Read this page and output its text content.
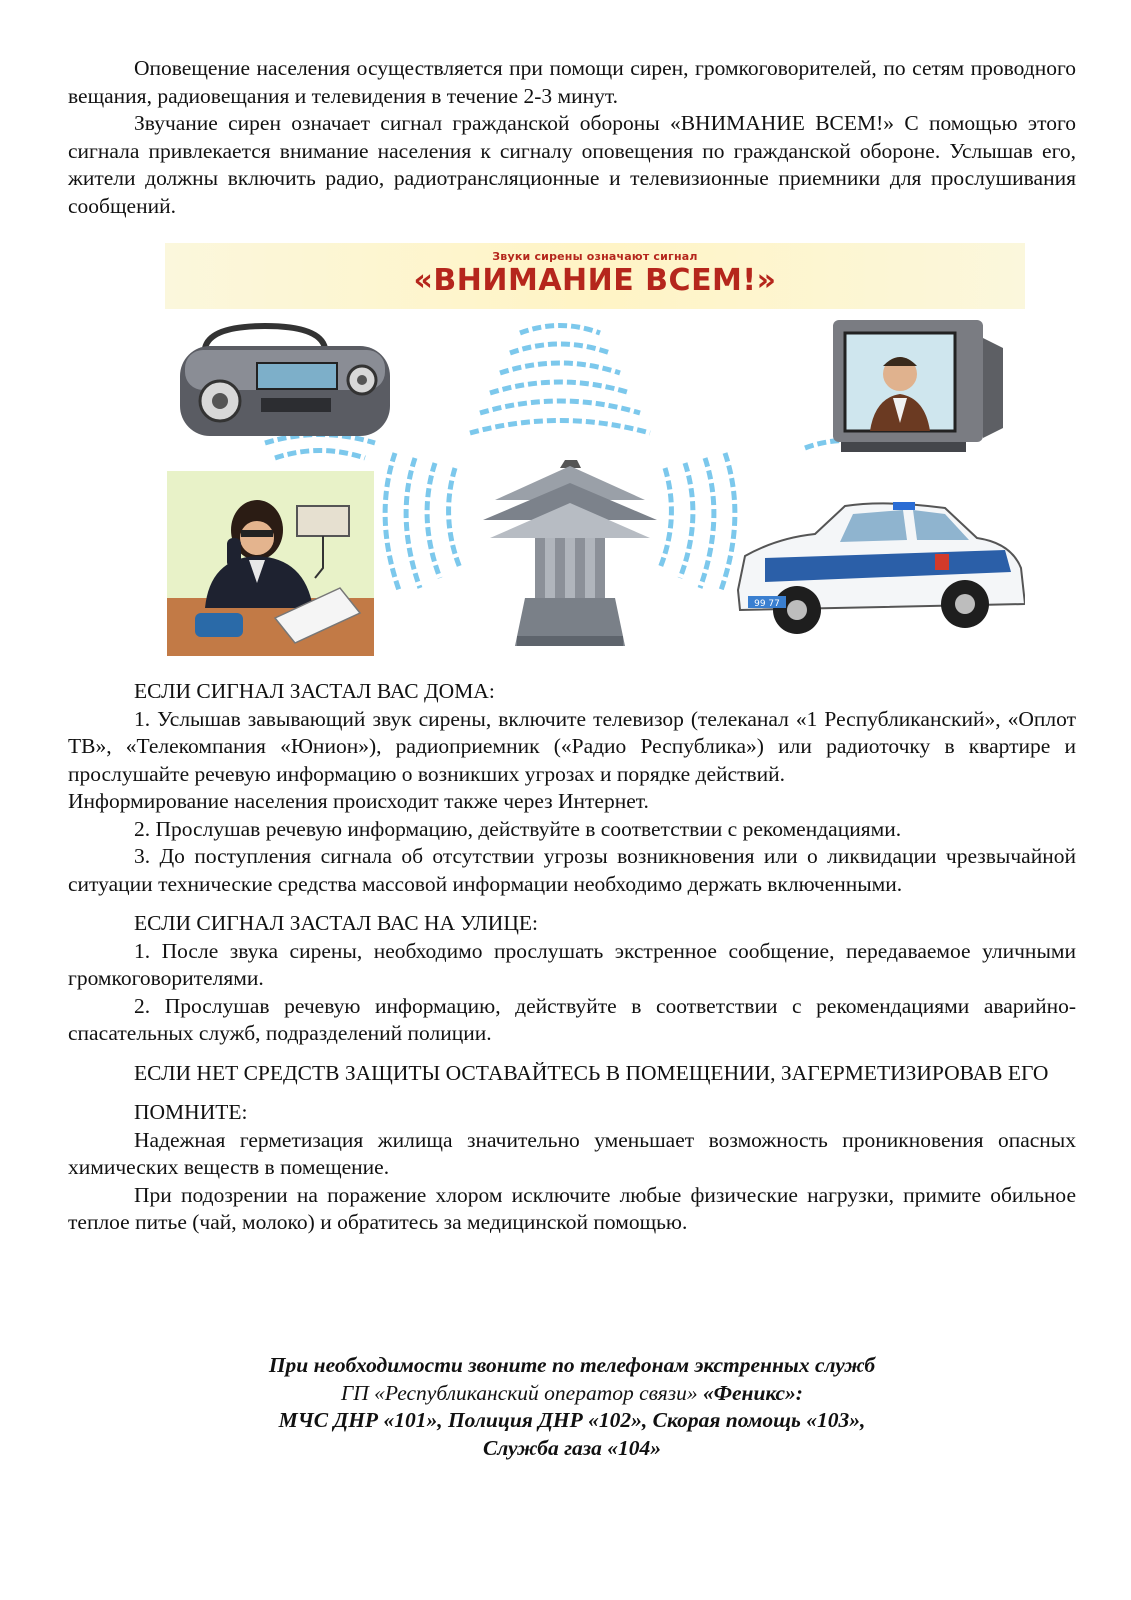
Оповещение населения осуществляется при помощи сирен, громкоговорителей, по сетям проводного вещания, радиовещания и телевидения в течение 2-3 минут.

Звучание сирен означает сигнал гражданской обороны «ВНИМАНИЕ ВСЕМ!» С помощью этого сигнала привлекается внимание населения к сигналу оповещения по гражданской обороне. Услышав его, жители должны включить радио, радиотрансляционные и телевизионные приемники для прослушивания сообщений.

Звуки сирены означают сигнал
«ВНИМАНИЕ ВСЕМ!»
99 77

ЕСЛИ СИГНАЛ ЗАСТАЛ ВАС ДОМА:

1. Услышав завывающий звук сирены, включите телевизор (телеканал «1 Республиканский», «Оплот ТВ», «Телекомпания «Юнион»), радиоприемник («Радио Республика») или радиоточку в квартире и прослушайте речевую информацию о возникших угрозах и порядке действий.

Информирование населения происходит также через Интернет.

2. Прослушав речевую информацию, действуйте в соответствии с рекомендациями.

3. До поступления сигнала об отсутствии угрозы возникновения или о ликвидации чрезвычайной ситуации технические средства массовой информации необходимо держать включенными.

ЕСЛИ СИГНАЛ ЗАСТАЛ ВАС НА УЛИЦЕ:

1. После звука сирены, необходимо прослушать экстренное сообщение, передаваемое уличными громкоговорителями.

2. Прослушав речевую информацию, действуйте в соответствии с рекомендациями аварийно-спасательных служб, подразделений полиции.

ЕСЛИ НЕТ СРЕДСТВ ЗАЩИТЫ ОСТАВАЙТЕСЬ В ПОМЕЩЕНИИ, ЗАГЕРМЕТИЗИРОВАВ ЕГО

ПОМНИТЕ:

Надежная герметизация жилища значительно уменьшает возможность проникновения опасных химических веществ в помещение.

При подозрении на поражение хлором исключите любые физические нагрузки, примите обильное теплое питье (чай, молоко) и обратитесь за медицинской помощью.

При необходимости звоните по телефонам экстренных служб
ГП «Республиканский оператор связи» «Феникс»:
МЧС ДНР «101», Полиция ДНР «102», Скорая помощь «103»,
Служба газа «104»
